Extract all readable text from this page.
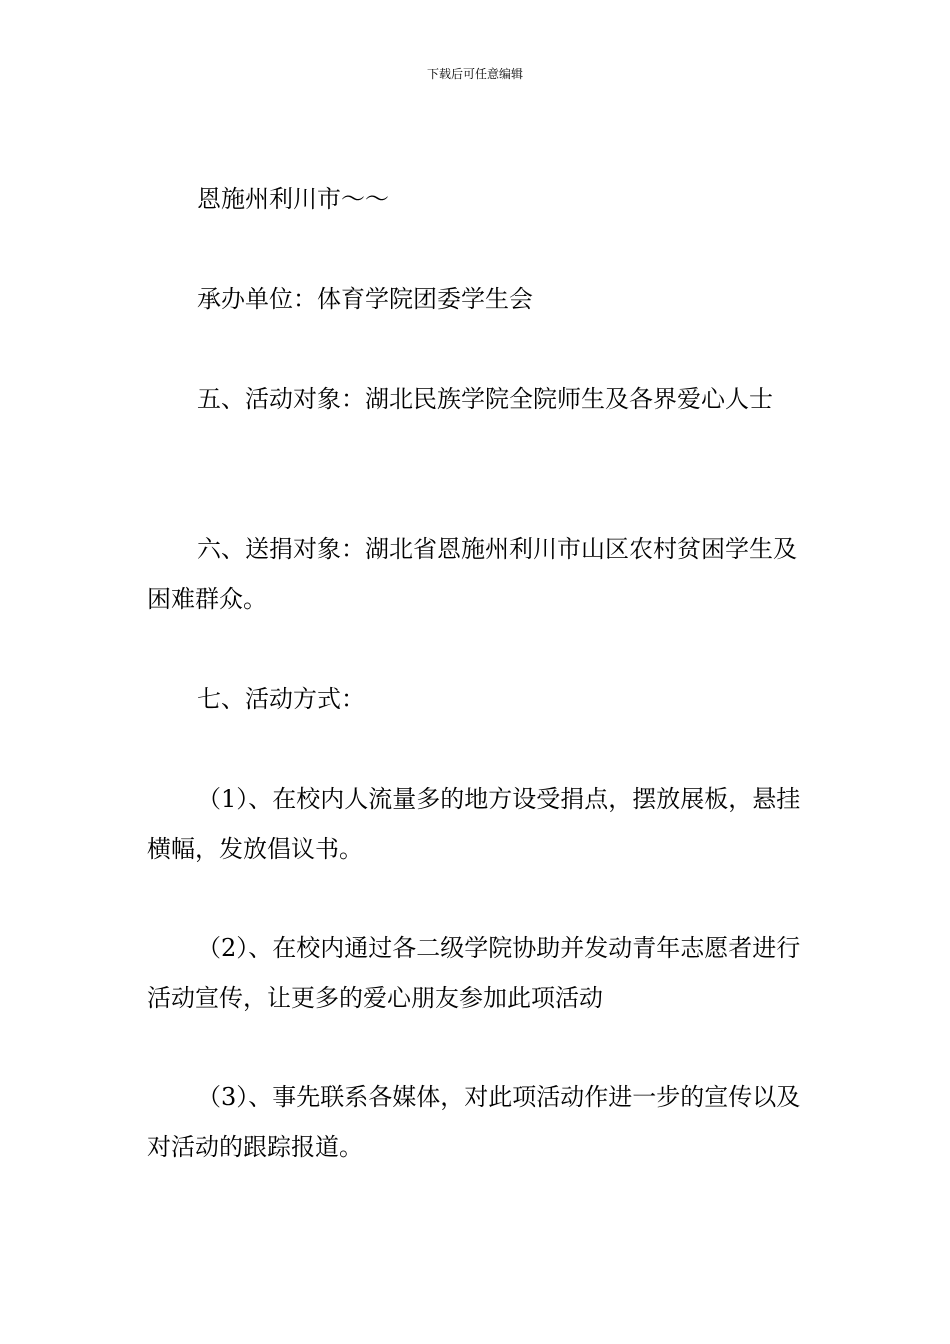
下载后可任意编辑

恩施州利川市～～

承办单位：体育学院团委学生会

五、活动对象：湖北民族学院全院师生及各界爱心人士

六、送捐对象：湖北省恩施州利川市山区农村贫困学生及困难群众。

七、活动方式：

（1）、在校内人流量多的地方设受捐点，摆放展板，悬挂横幅，发放倡议书。

（2）、在校内通过各二级学院协助并发动青年志愿者进行活动宣传，让更多的爱心朋友参加此项活动

（3）、事先联系各媒体，对此项活动作进一步的宣传以及对活动的跟踪报道。
